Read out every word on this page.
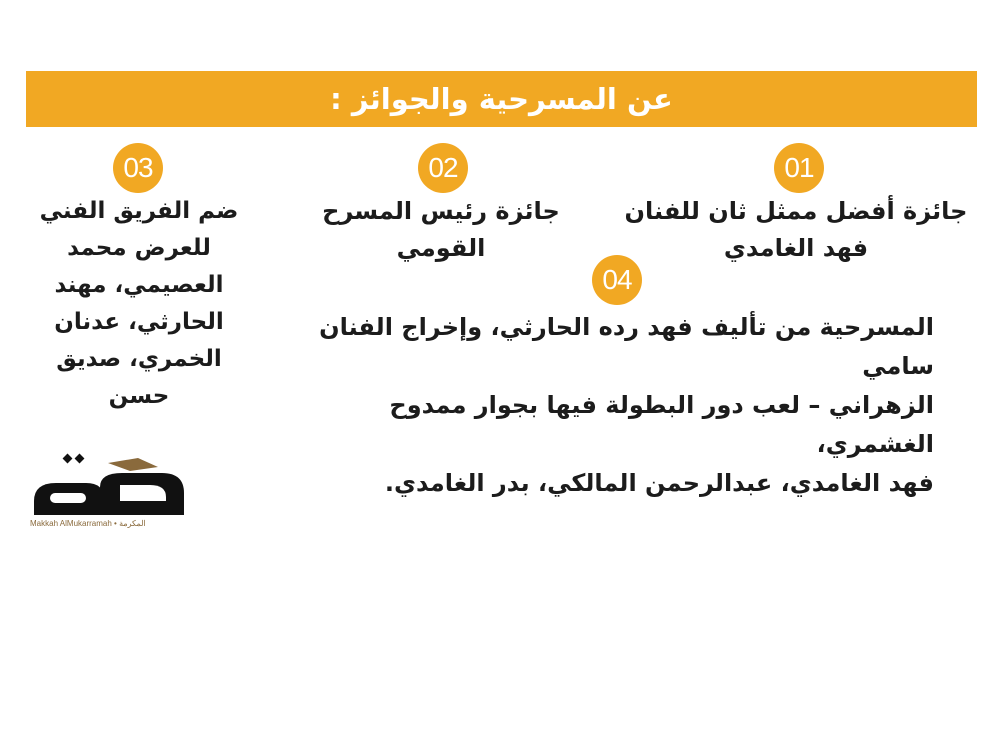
عن المسرحية والجوائز :
01
جائزة أفضل ممثل ثان للفنان
فهد الغامدي
02
جائزة رئيس المسرح
القومي
03
ضم الفريق الفني
للعرض محمد
العصيمي، مهند
الحارثي، عدنان
الخمري، صديق
حسن
04
المسرحية من تأليف فهد رده الحارثي، وإخراج الفنان سامي
الزهراني – لعب دور البطولة فيها بجوار ممدوح الغشمري،
فهد الغامدي، عبدالرحمن المالكي، بدر الغامدي.
Makkah AlMukarramah • المكرمة
